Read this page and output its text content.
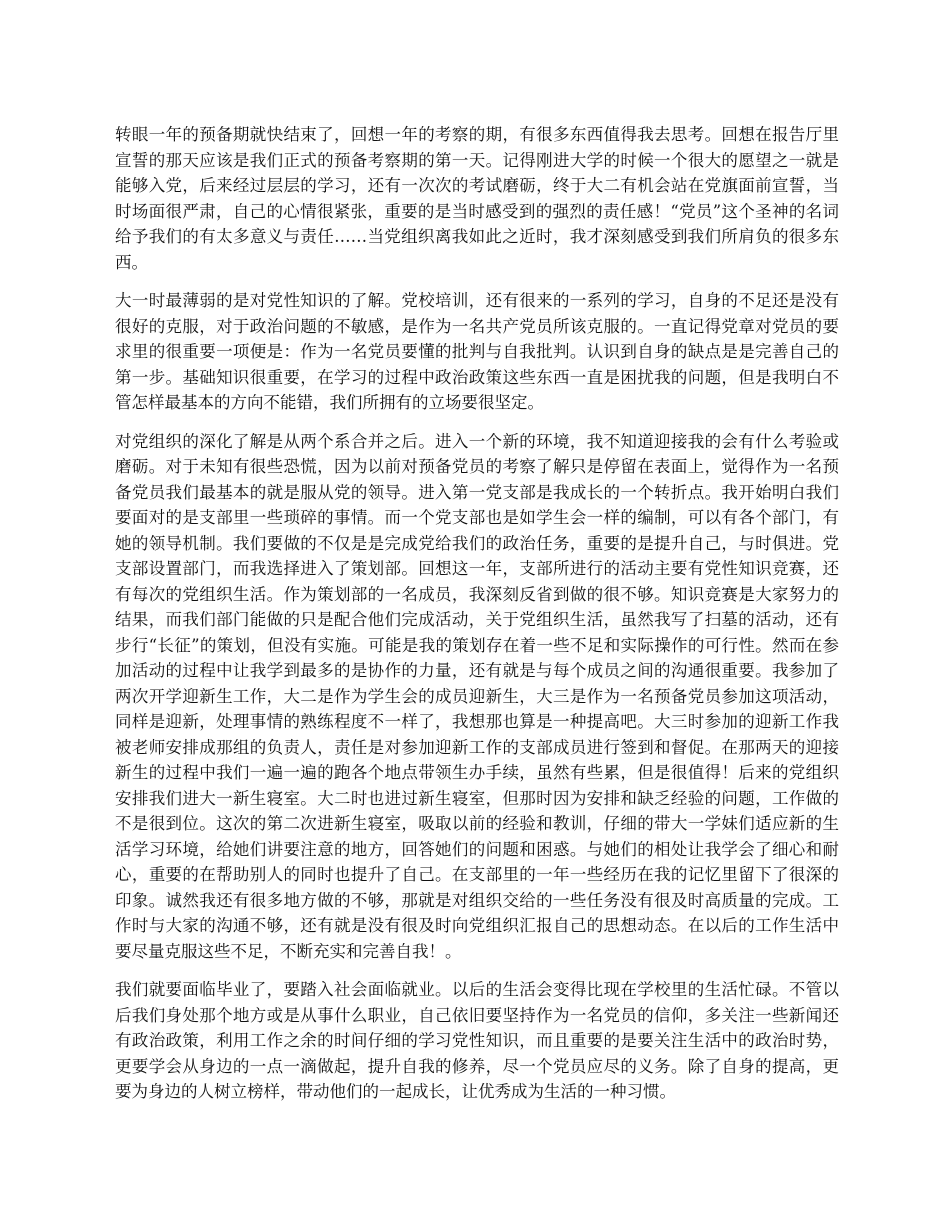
转眼一年的预备期就快结束了，回想一年的考察的期，有很多东西值得我去思考。回想在报告厅里宣誓的那天应该是我们正式的预备考察期的第一天。记得刚进大学的时候一个很大的愿望之一就是能够入党，后来经过层层的学习，还有一次次的考试磨砺，终于大二有机会站在党旗面前宣誓，当时场面很严肃，自己的心情很紧张，重要的是当时感受到的强烈的责任感！“党员”这个圣神的名词给予我们的有太多意义与责任……当党组织离我如此之近时，我才深刻感受到我们所肩负的很多东西。

大一时最薄弱的是对党性知识的了解。党校培训，还有很来的一系列的学习，自身的不足还是没有很好的克服，对于政治问题的不敏感，是作为一名共产党员所该克服的。一直记得党章对党员的要求里的很重要一项便是：作为一名党员要懂的批判与自我批判。认识到自身的缺点是是完善自己的第一步。基础知识很重要，在学习的过程中政治政策这些东西一直是困扰我的问题，但是我明白不管怎样最基本的方向不能错，我们所拥有的立场要很坚定。

对党组织的深化了解是从两个系合并之后。进入一个新的环境，我不知道迎接我的会有什么考验或磨砺。对于未知有很些恐慌，因为以前对预备党员的考察了解只是停留在表面上，觉得作为一名预备党员我们最基本的就是服从党的领导。进入第一党支部是我成长的一个转折点。我开始明白我们要面对的是支部里一些琐碎的事情。而一个党支部也是如学生会一样的编制，可以有各个部门，有她的领导机制。我们要做的不仅是是完成党给我们的政治任务，重要的是提升自己，与时俱进。党支部设置部门，而我选择进入了策划部。回想这一年，支部所进行的活动主要有党性知识竞赛，还有每次的党组织生活。作为策划部的一名成员，我深刻反省到做的很不够。知识竞赛是大家努力的结果，而我们部门能做的只是配合他们完成活动，关于党组织生活，虽然我写了扫墓的活动，还有步行“长征”的策划，但没有实施。可能是我的策划存在着一些不足和实际操作的可行性。然而在参加活动的过程中让我学到最多的是协作的力量，还有就是与每个成员之间的沟通很重要。我参加了两次开学迎新生工作，大二是作为学生会的成员迎新生，大三是作为一名预备党员参加这项活动，同样是迎新，处理事情的熟练程度不一样了，我想那也算是一种提高吧。大三时参加的迎新工作我被老师安排成那组的负责人，责任是对参加迎新工作的支部成员进行签到和督促。在那两天的迎接新生的过程中我们一遍一遍的跑各个地点带领生办手续，虽然有些累，但是很值得！后来的党组织安排我们进大一新生寝室。大二时也进过新生寝室，但那时因为安排和缺乏经验的问题，工作做的不是很到位。这次的第二次进新生寝室，吸取以前的经验和教训，仔细的带大一学妹们适应新的生活学习环境，给她们讲要注意的地方，回答她们的问题和困惑。与她们的相处让我学会了细心和耐心，重要的在帮助别人的同时也提升了自己。在支部里的一年一些经历在我的记忆里留下了很深的印象。诚然我还有很多地方做的不够，那就是对组织交给的一些任务没有很及时高质量的完成。工作时与大家的沟通不够，还有就是没有很及时向党组织汇报自己的思想动态。在以后的工作生活中要尽量克服这些不足，不断充实和完善自我！。

我们就要面临毕业了，要踏入社会面临就业。以后的生活会变得比现在学校里的生活忙碌。不管以后我们身处那个地方或是从事什么职业，自己依旧要坚持作为一名党员的信仰，多关注一些新闻还有政治政策，利用工作之余的时间仔细的学习党性知识，而且重要的是要关注生活中的政治时势，更要学会从身边的一点一滴做起，提升自我的修养，尽一个党员应尽的义务。除了自身的提高，更要为身边的人树立榜样，带动他们的一起成长，让优秀成为生活的一种习惯。
